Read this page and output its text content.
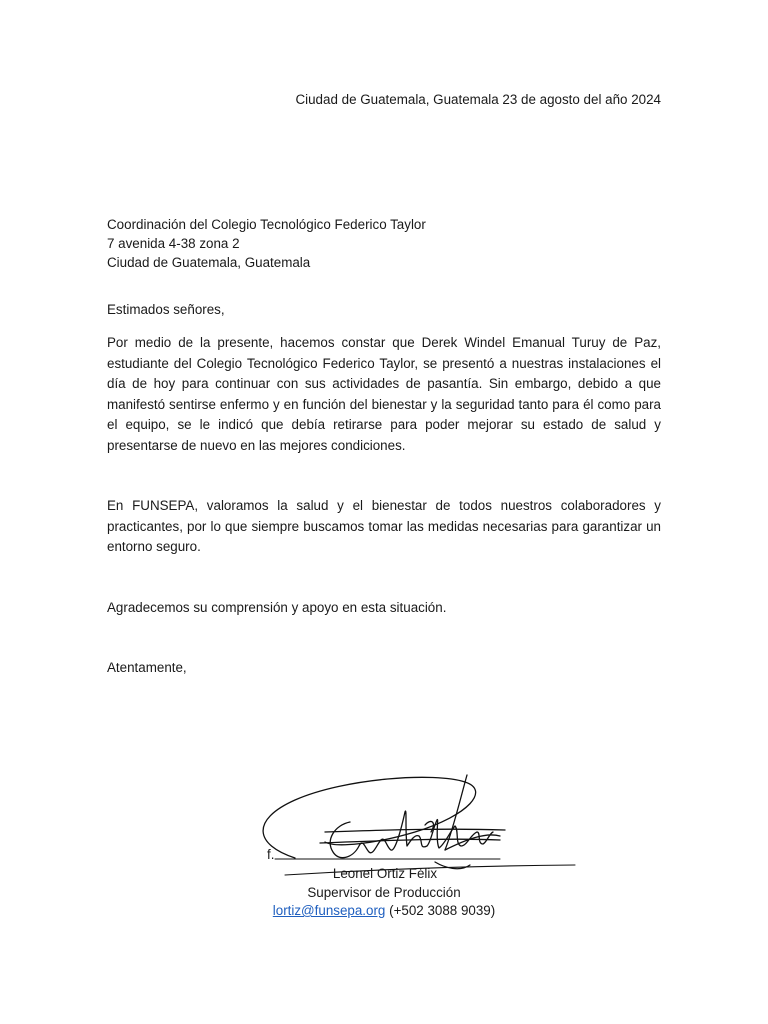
Ciudad de Guatemala, Guatemala 23 de agosto del año 2024
Coordinación del Colegio Tecnológico Federico Taylor
7 avenida 4-38 zona 2
Ciudad de Guatemala, Guatemala
Estimados señores,

Por medio de la presente, hacemos constar que Derek Windel Emanual Turuy de Paz, estudiante del Colegio Tecnológico Federico Taylor, se presentó a nuestras instalaciones el día de hoy para continuar con sus actividades de pasantía. Sin embargo, debido a que manifestó sentirse enfermo y en función del bienestar y la seguridad tanto para él como para el equipo, se le indicó que debía retirarse para poder mejorar su estado de salud y presentarse de nuevo en las mejores condiciones.

En FUNSEPA, valoramos la salud y el bienestar de todos nuestros colaboradores y practicantes, por lo que siempre buscamos tomar las medidas necesarias para garantizar un entorno seguro.

Agradecemos su comprensión y apoyo en esta situación.

Atentamente,
f.
Leonel Ortiz Félix
Supervisor de Producción
lortiz@funsepa.org (+502 3088 9039)
